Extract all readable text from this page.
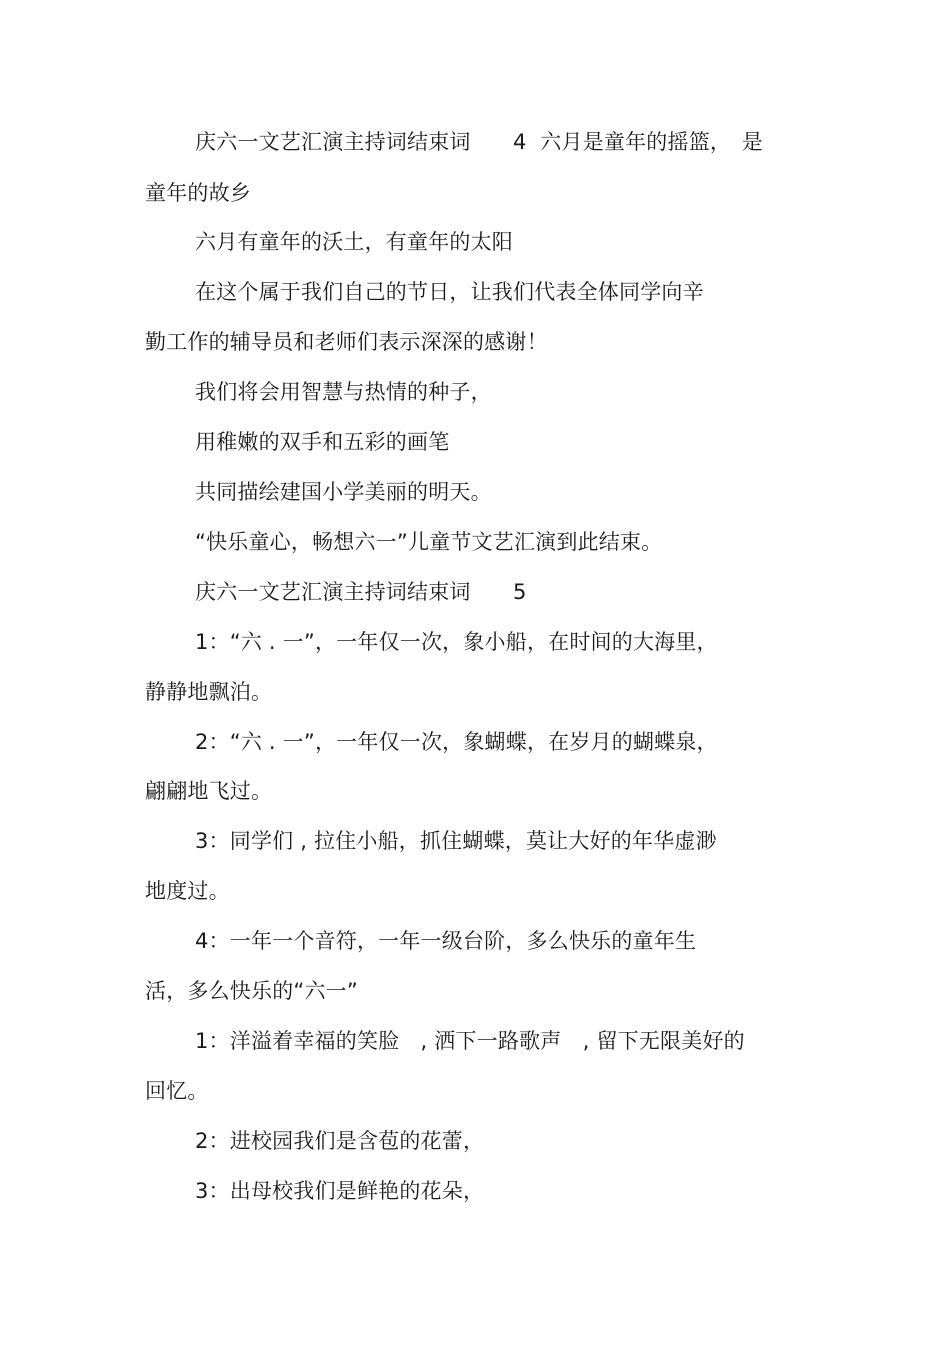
庆六一文艺汇演主持词结束词　　4  六月是童年的摇篮，　是
童年的故乡
六月有童年的沃土，有童年的太阳
在这个属于我们自己的节日，让我们代表全体同学向辛
勤工作的辅导员和老师们表示深深的感谢！
我们将会用智慧与热情的种子，
用稚嫩的双手和五彩的画笔
共同描绘建国小学美丽的明天。
“快乐童心，畅想六一”儿童节文艺汇演到此结束。
庆六一文艺汇演主持词结束词　　5
1：“六 . 一”，一年仅一次，象小船，在时间的大海里，
静静地飘泊。
2：“六 . 一”，一年仅一次，象蝴蝶，在岁月的蝴蝶泉，
翩翩地飞过。
3：同学们 , 拉住小船，抓住蝴蝶，莫让大好的年华虚渺
地度过。
4：一年一个音符，一年一级台阶，多么快乐的童年生
活，多么快乐的“六一”
1：洋溢着幸福的笑脸　, 洒下一路歌声　, 留下无限美好的
回忆。
2：进校园我们是含苞的花蕾，
3：出母校我们是鲜艳的花朵，
